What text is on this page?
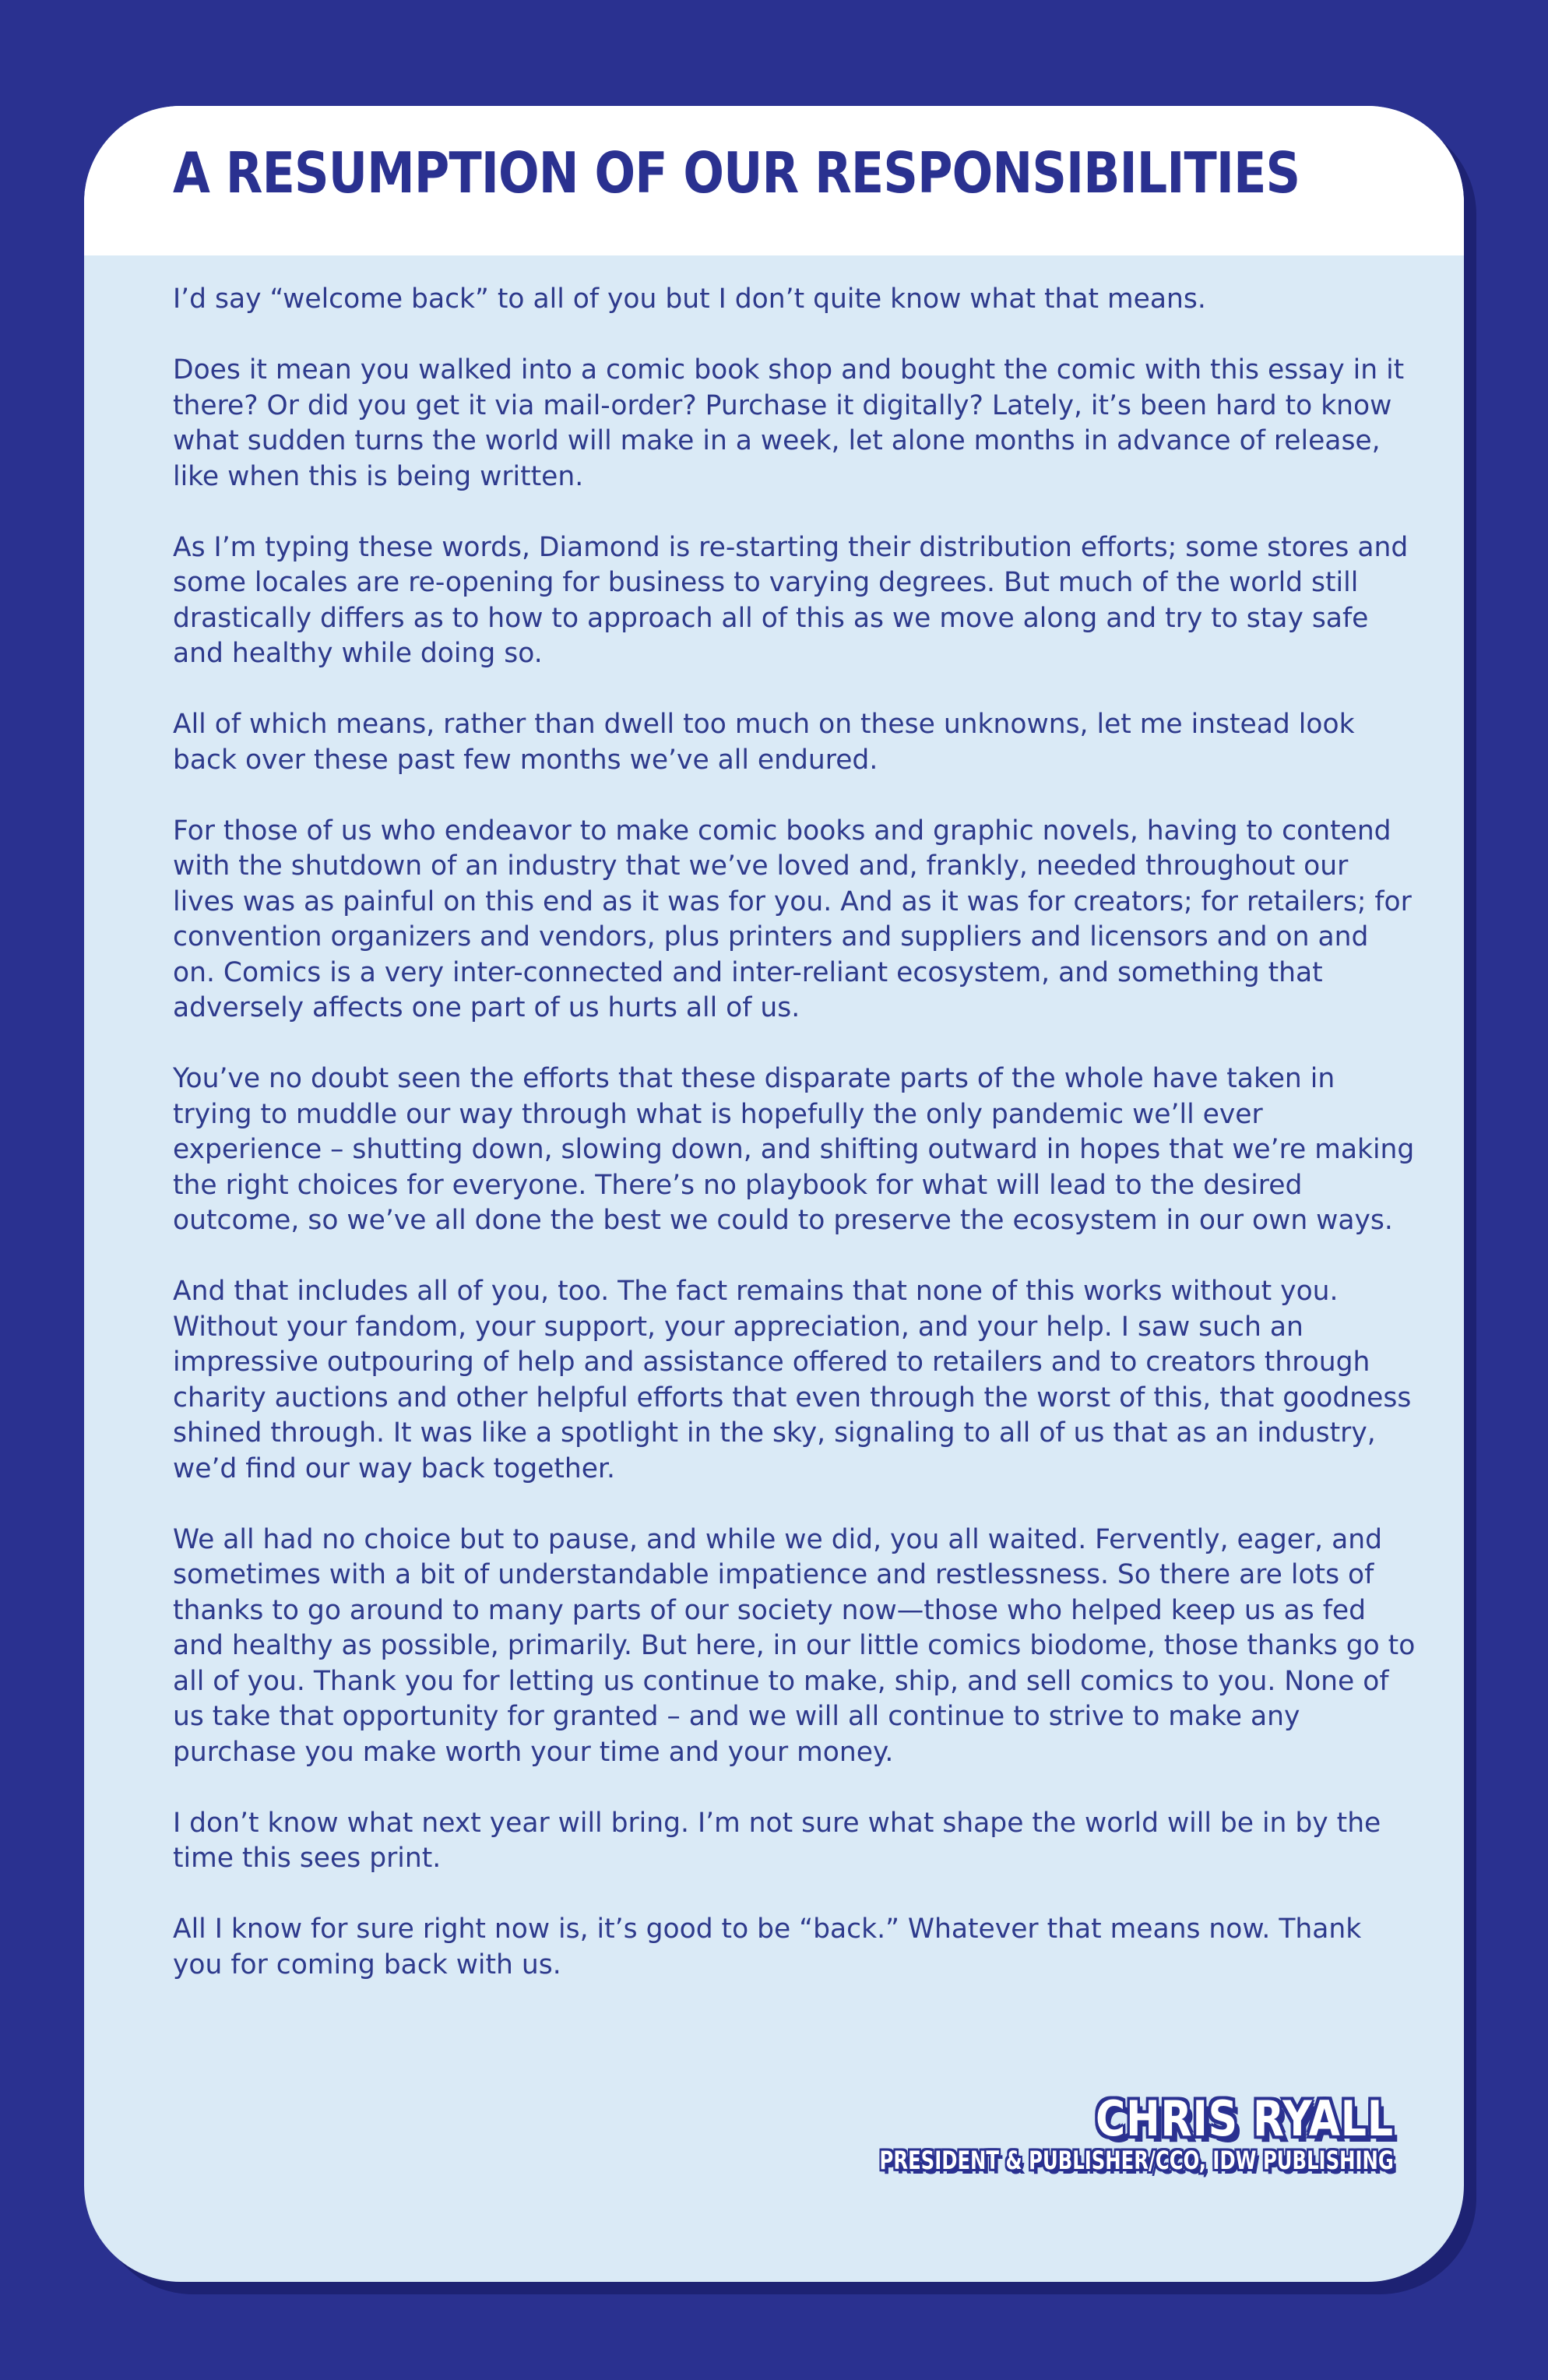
A RESUMPTION OF OUR RESPONSIBILITIES

I’d say “welcome back” to all of you but I don’t quite know what that means.

Does it mean you walked into a comic book shop and bought the comic with this essay in it there? Or did you get it via mail-order? Purchase it digitally? Lately, it’s been hard to know what sudden turns the world will make in a week, let alone months in advance of release, like when this is being written.

As I’m typing these words, Diamond is re-starting their distribution efforts; some stores and some locales are re-opening for business to varying degrees. But much of the world still drastically differs as to how to approach all of this as we move along and try to stay safe and healthy while doing so.

All of which means, rather than dwell too much on these unknowns, let me instead look back over these past few months we’ve all endured.

For those of us who endeavor to make comic books and graphic novels, having to contend with the shutdown of an industry that we’ve loved and, frankly, needed throughout our lives was as painful on this end as it was for you. And as it was for creators; for retailers; for convention organizers and vendors, plus printers and suppliers and licensors and on and on. Comics is a very inter-connected and inter-reliant ecosystem, and something that adversely affects one part of us hurts all of us.

You’ve no doubt seen the efforts that these disparate parts of the whole have taken in trying to muddle our way through what is hopefully the only pandemic we’ll ever experience – shutting down, slowing down, and shifting outward in hopes that we’re making the right choices for everyone. There’s no playbook for what will lead to the desired outcome, so we’ve all done the best we could to preserve the ecosystem in our own ways.

And that includes all of you, too. The fact remains that none of this works without you. Without your fandom, your support, your appreciation, and your help. I saw such an impressive outpouring of help and assistance offered to retailers and to creators through charity auctions and other helpful efforts that even through the worst of this, that goodness shined through. It was like a spotlight in the sky, signaling to all of us that as an industry, we’d find our way back together.

We all had no choice but to pause, and while we did, you all waited. Fervently, eager, and sometimes with a bit of understandable impatience and restlessness. So there are lots of thanks to go around to many parts of our society now—those who helped keep us as fed and healthy as possible, primarily. But here, in our little comics biodome, those thanks go to all of you. Thank you for letting us continue to make, ship, and sell comics to you. None of us take that opportunity for granted – and we will all continue to strive to make any purchase you make worth your time and your money.

I don’t know what next year will bring. I’m not sure what shape the world will be in by the time this sees print.

All I know for sure right now is, it’s good to be “back.” Whatever that means now. Thank you for coming back with us.

CHRIS RYALL
PRESIDENT & PUBLISHER/CCO, IDW PUBLISHING
